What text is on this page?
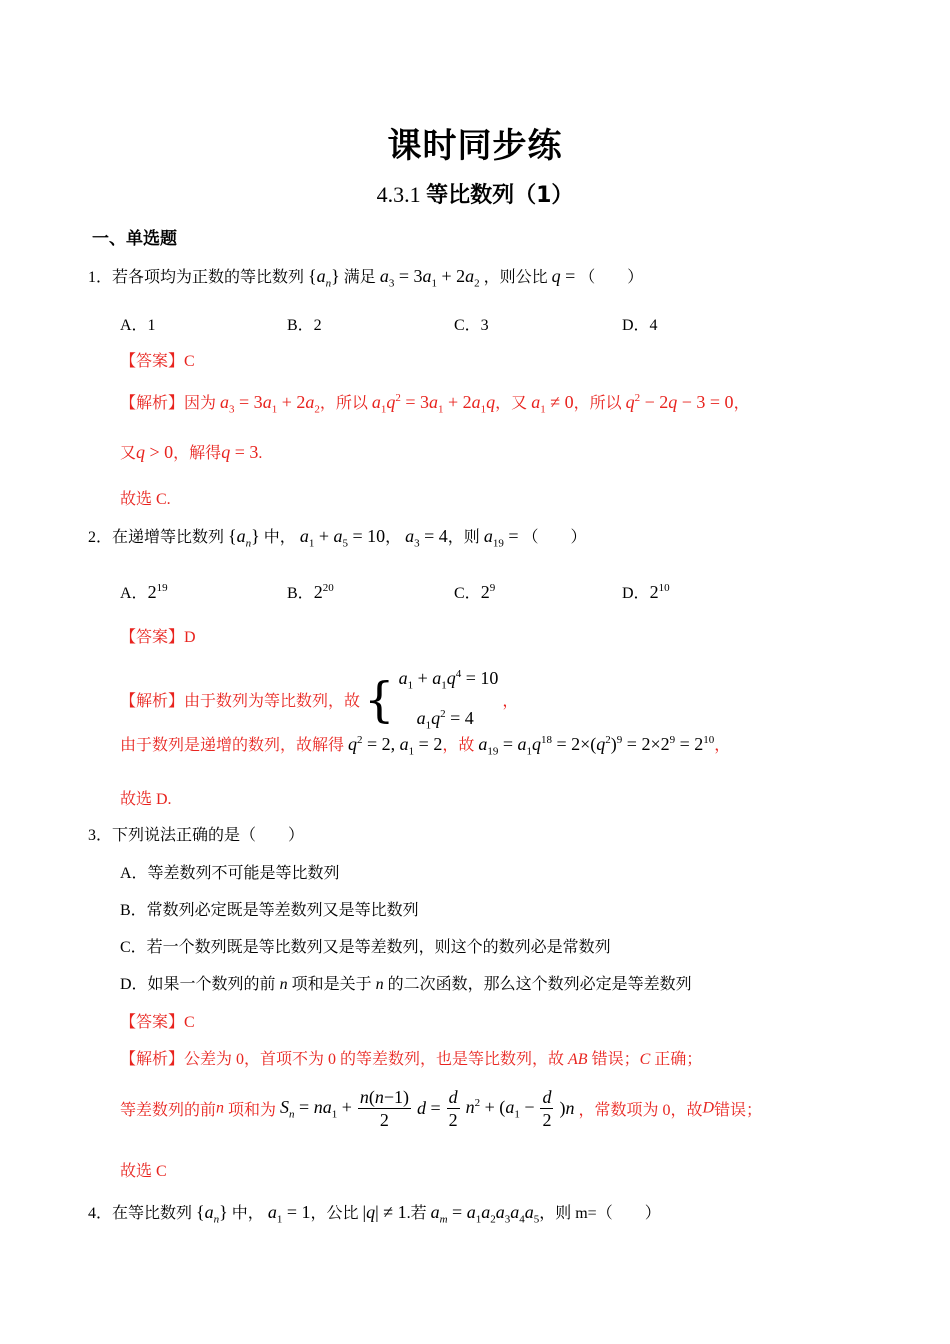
课时同步练
4.3.1 等比数列（1）
一、单选题
1．若各项均为正数的等比数列 $\{a_n\}$ 满足 $a_3 = 3a_1 + 2a_2$ ，则公比 q = （　　）
A．1	B．2	C．3	D．4
【答案】C
【解析】因为 $a_3 = 3a_1 + 2a_2$，所以 $a_1q^2 = 3a_1 + 2a_1q$，又 $a_1 \ne 0$，所以 $q^2 - 2q - 3 = 0$，
又q > 0，解得q = 3.
故选 C.
2．在递增等比数列 $\{a_n\}$ 中， $a_1 + a_5 = 10$， $a_3 = 4$，则 $a_{19}$ = （　　）
A．$2^{19}$	B．$2^{20}$	C．$2^9$	D．$2^{10}$
【答案】D
【解析】由于数列为等比数列，故 { $a_1 + a_1q^4 = 10$
$a_1q^2 = 4$
，
由于数列是递增的数列，故解得 $q^2 = 2$, $a_1 = 2$，故 $a_{19} = a_1q^{18} = 2\times(q^2)^9 = 2\times 2^9 = 2^{10}$，
故选 D.
3．下列说法正确的是（　　）
A．等差数列不可能是等比数列
B．常数列必定既是等差数列又是等比数列
C．若一个数列既是等比数列又是等差数列，则这个的数列必是常数列
D．如果一个数列的前 n 项和是关于 n 的二次函数，那么这个数列必定是等差数列
【答案】C
【解析】公差为 0，首项不为 0 的等差数列，也是等比数列，故 AB 错误；C 正确；
等差数列的前n 项和为 $S_n = na_1 + \frac{n(n-1)}{2}$ $d = \frac{d}{2} n^2 + (a_1 - \frac{d}{2} )n$ ，常数项为 0，故D错误；
故选 C
4．在等比数列 $\{a_n\}$ 中， $a_1 = 1$，公比 |q| ≠ 1.若 $a_m = a_1a_2a_3a_4a_5$，则 m=（　　）
